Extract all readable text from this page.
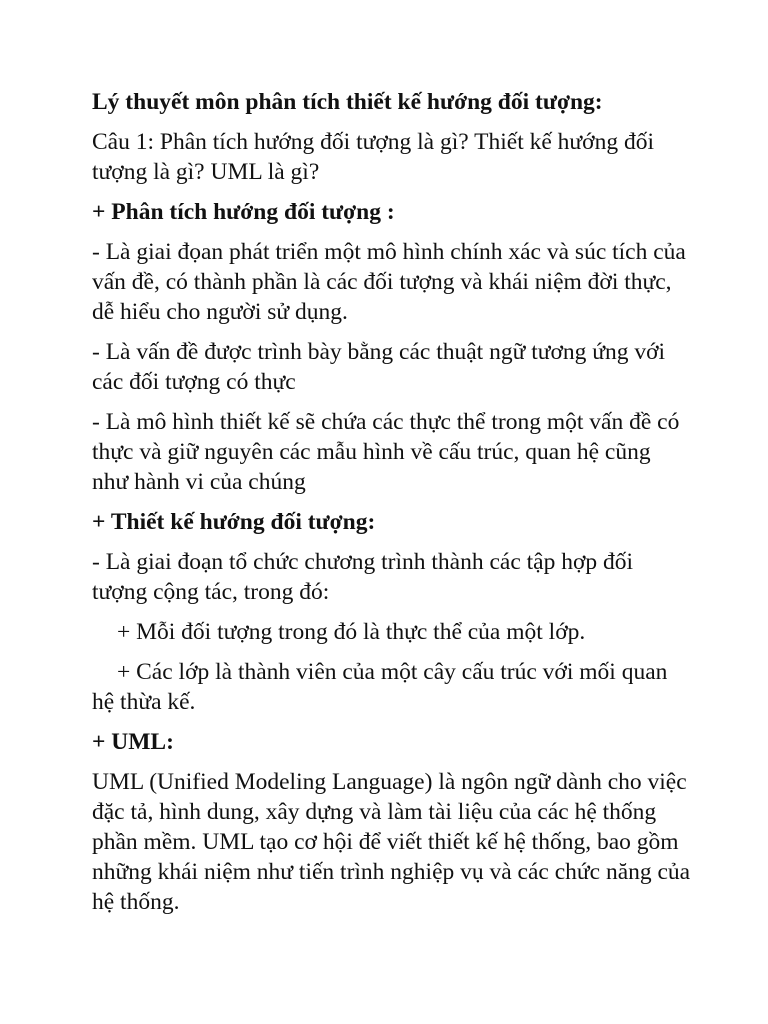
Lý thuyết môn phân tích thiết kế hướng đối tượng:

Câu 1: Phân tích hướng đối tượng là gì? Thiết kế hướng đối tượng là gì? UML là gì?

+ Phân tích hướng đối tượng :

- Là giai đọan phát triển một mô hình chính xác và súc tích của vấn đề, có thành phần là các đối tượng và khái niệm đời thực, dễ hiểu cho người sử dụng.

- Là vấn đề được trình bày bằng các thuật ngữ tương ứng với các đối tượng có thực

- Là mô hình thiết kế sẽ chứa các thực thể trong một vấn đề có thực và giữ nguyên các mẫu hình về cấu trúc, quan hệ cũng như hành vi của chúng

+ Thiết kế hướng đối tượng:

- Là giai đoạn tổ chức chương trình thành các tập hợp đối tượng cộng tác, trong đó:

+ Mỗi đối tượng trong đó là thực thể của một lớp.

+ Các lớp là thành viên của một cây cấu trúc với mối quan hệ thừa kế.

+ UML:

UML (Unified Modeling Language) là ngôn ngữ dành cho việc đặc tả, hình dung, xây dựng và làm tài liệu của các hệ thống phần mềm. UML tạo cơ hội để viết thiết kế hệ thống, bao gồm những khái niệm như tiến trình nghiệp vụ và các chức năng của hệ thống.
